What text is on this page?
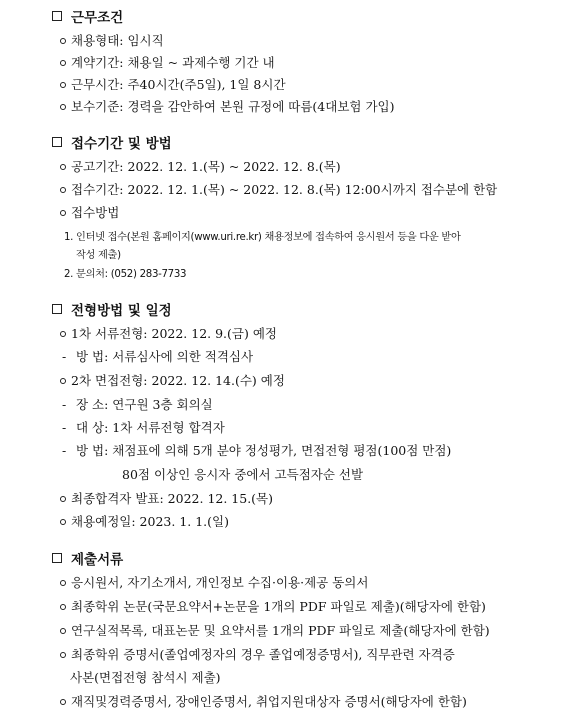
근무조건
채용형태: 임시직
계약기간: 채용일 ~ 과제수행 기간 내
근무시간: 주40시간(주5일), 1일 8시간
보수기준: 경력을 감안하여 본원 규정에 따름(4대보험 가입)
접수기간 및 방법
공고기간: 2022. 12. 1.(목) ~ 2022. 12. 8.(목)
접수기간: 2022. 12. 1.(목) ~ 2022. 12. 8.(목) 12:00시까지 접수분에 한함
접수방법
1. 인터넷 접수(본원 홈페이지(www.uri.re.kr) 채용정보에 접속하여 응시원서 등을 다운 받아
작성 제출)
2. 문의처: (052) 283-7733
전형방법 및 일정
1차 서류전형: 2022. 12. 9.(금) 예정
- 방 법: 서류심사에 의한 적격심사
2차 면접전형: 2022. 12. 14.(수) 예정
- 장 소: 연구원 3층 회의실
- 대 상: 1차 서류전형 합격자
- 방 법: 채점표에 의해 5개 분야 정성평가, 면접전형 평점(100점 만점)
80점 이상인 응시자 중에서 고득점자순 선발
최종합격자 발표: 2022. 12. 15.(목)
채용예정일: 2023. 1. 1.(일)
제출서류
응시원서, 자기소개서, 개인정보 수집·이용·제공 동의서
최종학위 논문(국문요약서+논문을 1개의 PDF 파일로 제출)(해당자에 한함)
연구실적목록, 대표논문 및 요약서를 1개의 PDF 파일로 제출(해당자에 한함)
최종학위 증명서(졸업예정자의 경우 졸업예정증명서), 직무관련 자격증
사본(면접전형 참석시 제출)
재직및경력증명서, 장애인증명서, 취업지원대상자 증명서(해당자에 한함)
